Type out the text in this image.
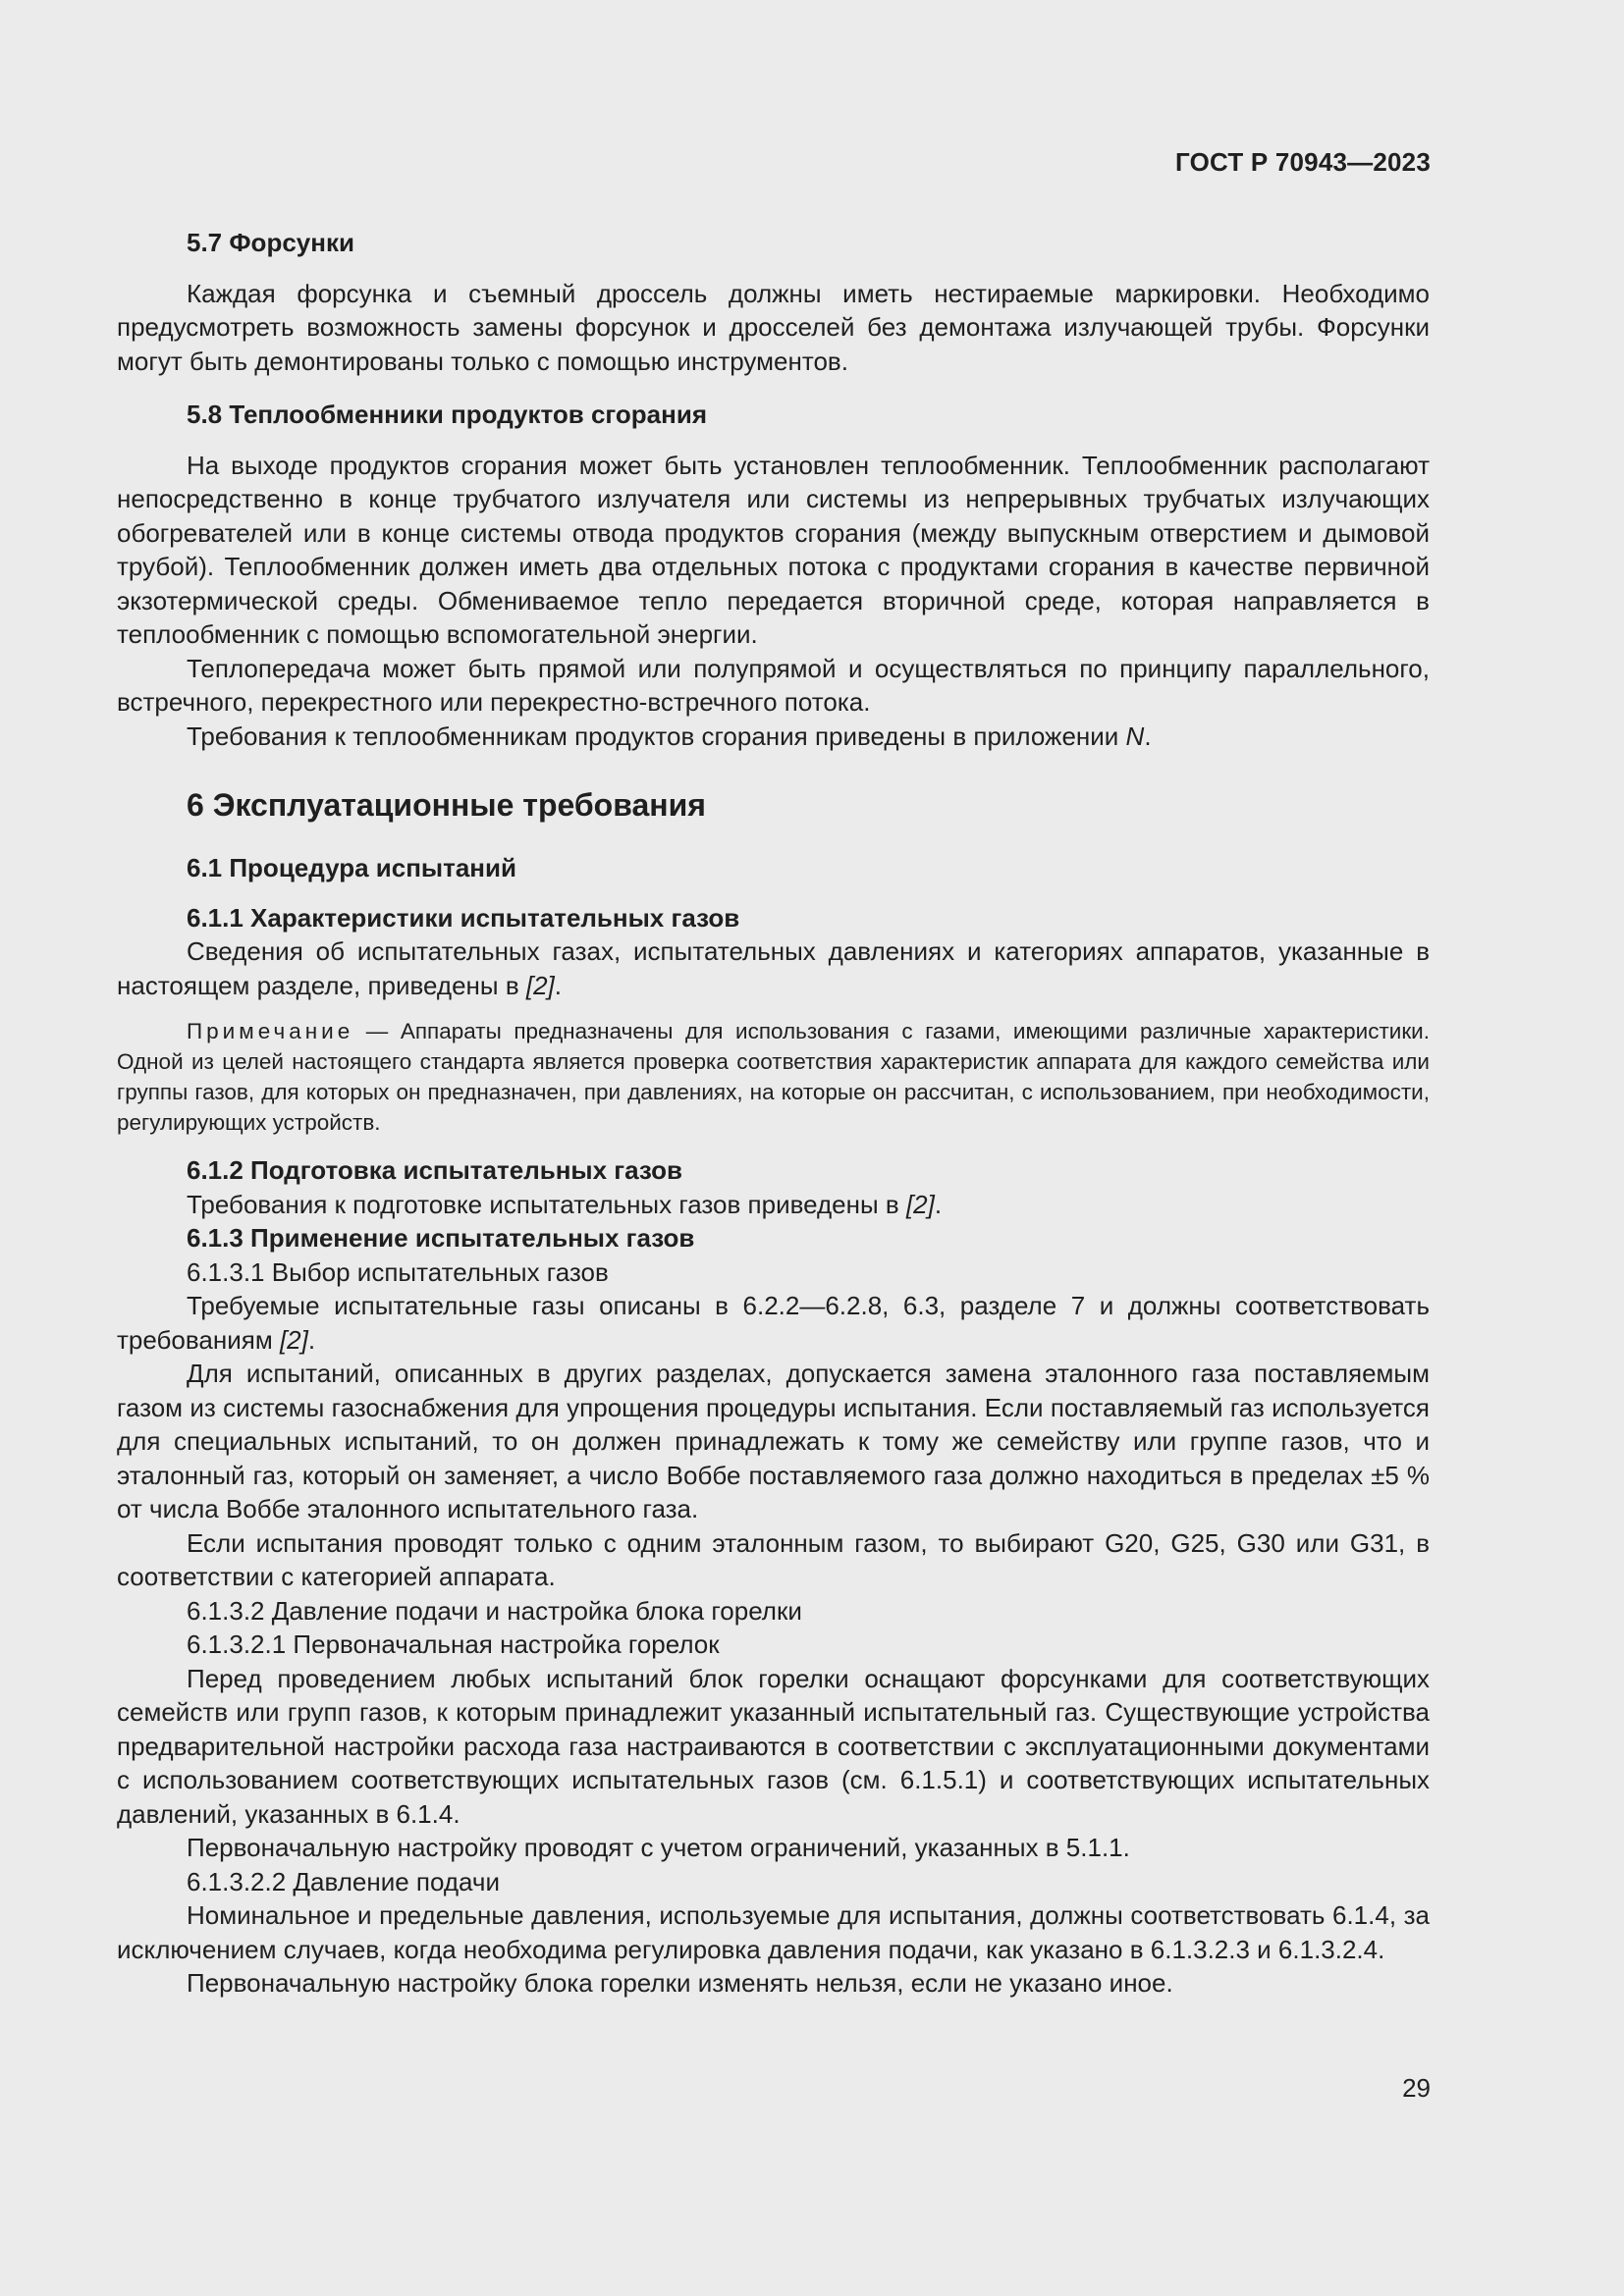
ГОСТ Р 70943—2023
5.7 Форсунки

Каждая форсунка и съемный дроссель должны иметь нестираемые маркировки. Необходимо предусмотреть возможность замены форсунок и дросселей без демонтажа излучающей трубы. Форсунки могут быть демонтированы только с помощью инструментов.

5.8 Теплообменники продуктов сгорания

На выходе продуктов сгорания может быть установлен теплообменник. Теплообменник располагают непосредственно в конце трубчатого излучателя или системы из непрерывных трубчатых излучающих обогревателей или в конце системы отвода продуктов сгорания (между выпускным отверстием и дымовой трубой). Теплообменник должен иметь два отдельных потока с продуктами сгорания в качестве первичной экзотермической среды. Обмениваемое тепло передается вторичной среде, которая направляется в теплообменник с помощью вспомогательной энергии.

Теплопередача может быть прямой или полупрямой и осуществляться по принципу параллельного, встречного, перекрестного или перекрестно-встречного потока.

Требования к теплообменникам продуктов сгорания приведены в приложении N.

6 Эксплуатационные требования
6.1 Процедура испытаний
6.1.1 Характеристики испытательных газов

Сведения об испытательных газах, испытательных давлениях и категориях аппаратов, указанные в настоящем разделе, приведены в [2].

Примечание — Аппараты предназначены для использования с газами, имеющими различные характеристики. Одной из целей настоящего стандарта является проверка соответствия характеристик аппарата для каждого семейства или группы газов, для которых он предназначен, при давлениях, на которые он рассчитан, с использованием, при необходимости, регулирующих устройств.

6.1.2 Подготовка испытательных газов

Требования к подготовке испытательных газов приведены в [2].

6.1.3 Применение испытательных газов
6.1.3.1 Выбор испытательных газов

Требуемые испытательные газы описаны в 6.2.2—6.2.8, 6.3, разделе 7 и должны соответствовать требованиям [2].

Для испытаний, описанных в других разделах, допускается замена эталонного газа поставляемым газом из системы газоснабжения для упрощения процедуры испытания. Если поставляемый газ используется для специальных испытаний, то он должен принадлежать к тому же семейству или группе газов, что и эталонный газ, который он заменяет, а число Воббе поставляемого газа должно находиться в пределах ±5 % от числа Воббе эталонного испытательного газа.

Если испытания проводят только с одним эталонным газом, то выбирают G20, G25, G30 или G31, в соответствии с категорией аппарата.

6.1.3.2 Давление подачи и настройка блока горелки
6.1.3.2.1 Первоначальная настройка горелок

Перед проведением любых испытаний блок горелки оснащают форсунками для соответствующих семейств или групп газов, к которым принадлежит указанный испытательный газ. Существующие устройства предварительной настройки расхода газа настраиваются в соответствии с эксплуатационными документами с использованием соответствующих испытательных газов (см. 6.1.5.1) и соответствующих испытательных давлений, указанных в 6.1.4.

Первоначальную настройку проводят с учетом ограничений, указанных в 5.1.1.

6.1.3.2.2 Давление подачи

Номинальное и предельные давления, используемые для испытания, должны соответствовать 6.1.4, за исключением случаев, когда необходима регулировка давления подачи, как указано в 6.1.3.2.3 и 6.1.3.2.4.

Первоначальную настройку блока горелки изменять нельзя, если не указано иное.

29
